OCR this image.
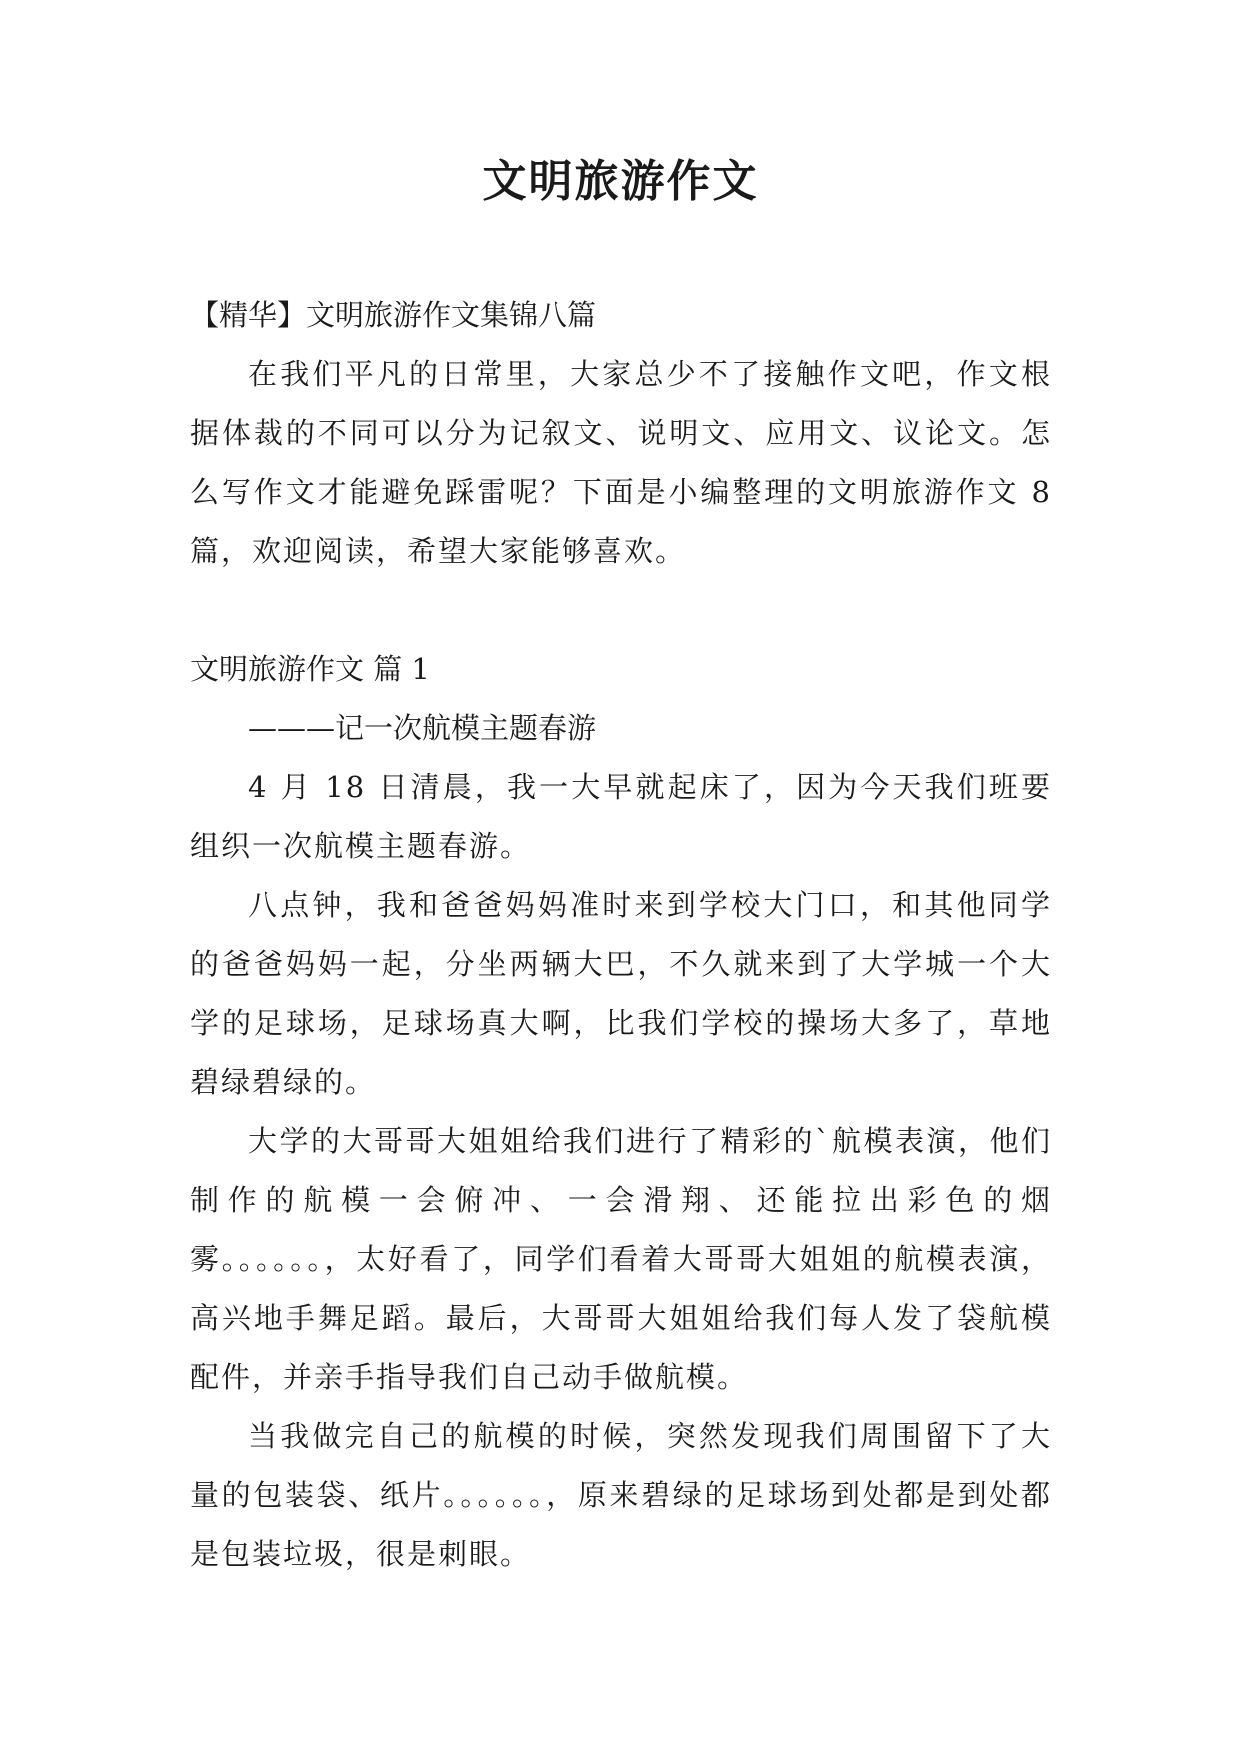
文明旅游作文

【精华】文明旅游作文集锦八篇

在我们平凡的日常里，大家总少不了接触作文吧，作文根据体裁的不同可以分为记叙文、说明文、应用文、议论文。怎么写作文才能避免踩雷呢？下面是小编整理的文明旅游作文 8 篇，欢迎阅读，希望大家能够喜欢。

文明旅游作文 篇 1

———记一次航模主题春游

4 月 18 日清晨，我一大早就起床了，因为今天我们班要组织一次航模主题春游。

八点钟，我和爸爸妈妈准时来到学校大门口，和其他同学的爸爸妈妈一起，分坐两辆大巴，不久就来到了大学城一个大学的足球场，足球场真大啊，比我们学校的操场大多了，草地碧绿碧绿的。

大学的大哥哥大姐姐给我们进行了精彩的`航模表演，他们制作的航模一会俯冲、一会滑翔、还能拉出彩色的烟雾。。。。。。，太好看了，同学们看着大哥哥大姐姐的航模表演，高兴地手舞足蹈。最后，大哥哥大姐姐给我们每人发了袋航模配件，并亲手指导我们自己动手做航模。

当我做完自己的航模的时候，突然发现我们周围留下了大量的包装袋、纸片。。。。。。，原来碧绿的足球场到处都是到处都是包装垃圾，很是刺眼。
